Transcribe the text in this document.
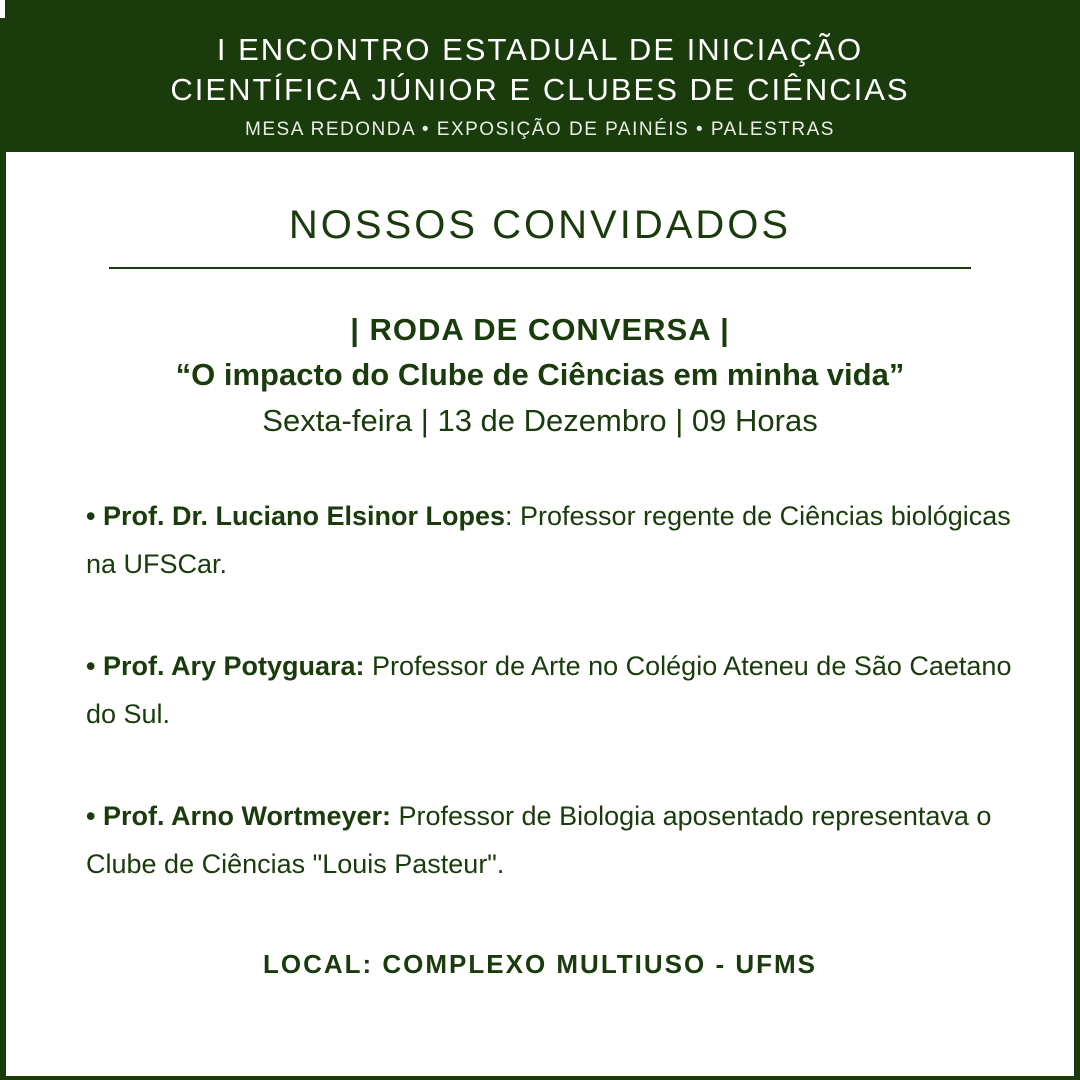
I ENCONTRO ESTADUAL DE INICIAÇÃO
CIENTÍFICA JÚNIOR E CLUBES DE CIÊNCIAS
MESA REDONDA • EXPOSIÇÃO DE PAINÉIS • PALESTRAS
NOSSOS CONVIDADOS
| RODA DE CONVERSA |
“O impacto do Clube de Ciências em minha vida”
Sexta-feira | 13 de Dezembro | 09 Horas
• Prof. Dr. Luciano Elsinor Lopes: Professor regente de Ciências biológicas na UFSCar.
• Prof. Ary Potyguara: Professor de Arte no Colégio Ateneu de São Caetano do Sul.
• Prof. Arno Wortmeyer: Professor de Biologia aposentado representava o Clube de Ciências "Louis Pasteur".
LOCAL: COMPLEXO MULTIUSO - UFMS
